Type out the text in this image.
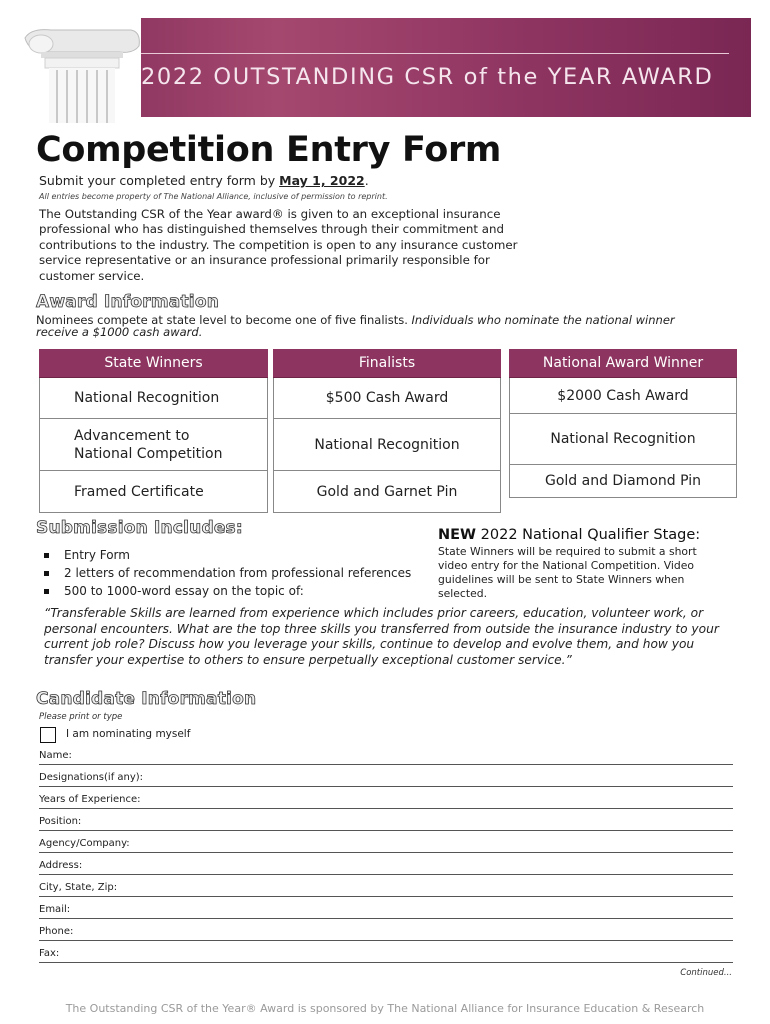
2022 OUTSTANDING CSR of the YEAR AWARD
Competition Entry Form
Submit your completed entry form by May 1, 2022.
All entries become property of The National Alliance, inclusive of permission to reprint.
The Outstanding CSR of the Year award® is given to an exceptional insurance professional who has distinguished themselves through their commitment and contributions to the industry. The competition is open to any insurance customer service representative or an insurance professional primarily responsible for customer service.
Award Information
Nominees compete at state level to become one of five finalists. Individuals who nominate the national winner receive a $1000 cash award.
State Winners
National Recognition
Advancement to National Competition
Framed Certificate
Finalists
$500 Cash Award
National Recognition
Gold and Garnet Pin
National Award Winner
$2000 Cash Award
National Recognition
Gold and Diamond Pin
Submission Includes:
Entry Form
2 letters of recommendation from professional references
500 to 1000-word essay on the topic of:
NEW 2022 National Qualifier Stage:
State Winners will be required to submit a short video entry for the National Competition. Video guidelines will be sent to State Winners when selected.
“Transferable Skills are learned from experience which includes prior careers, education, volunteer work, or personal encounters. What are the top three skills you transferred from outside the insurance industry to your current job role? Discuss how you leverage your skills, continue to develop and evolve them, and how you transfer your expertise to others to ensure perpetually exceptional customer service.”
Candidate Information
Please print or type
I am nominating myself
Name:
Designations(if any):
Years of Experience:
Position:
Agency/Company:
Address:
City, State, Zip:
Email:
Phone:
Fax:
Continued...
The Outstanding CSR of the Year® Award is sponsored by The National Alliance for Insurance Education & Research
